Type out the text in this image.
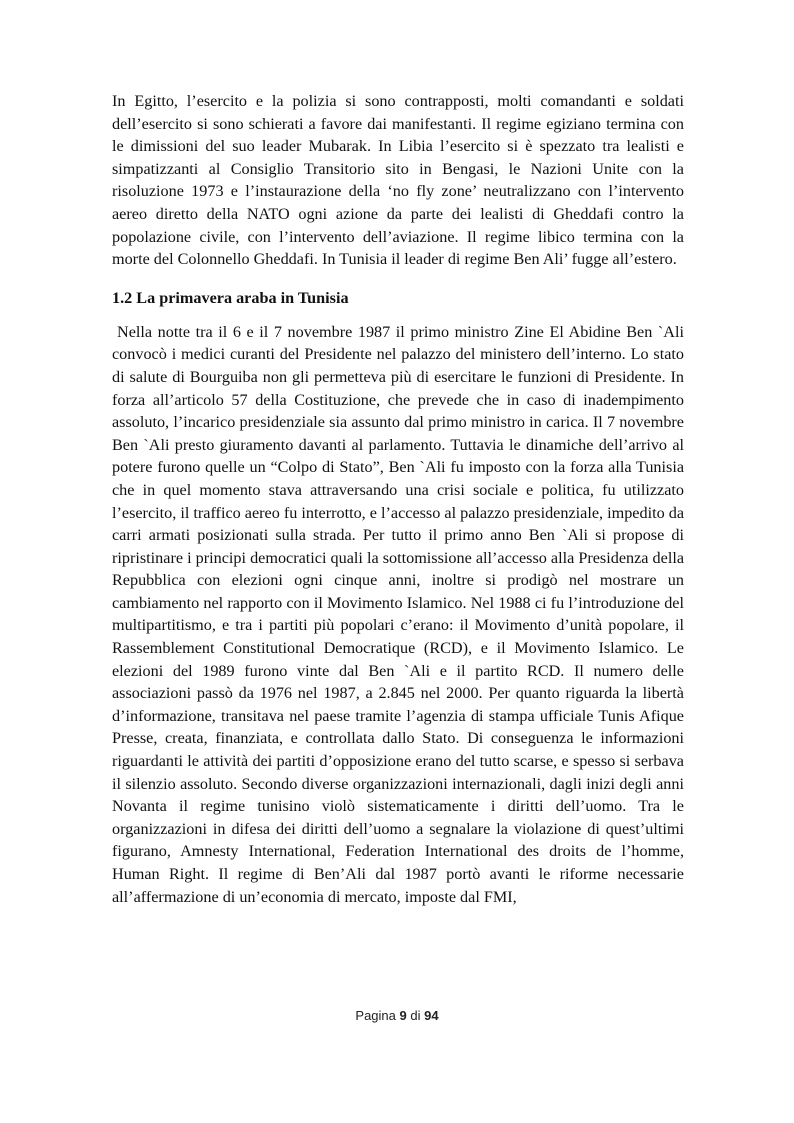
In Egitto, l’esercito e la polizia si sono contrapposti, molti comandanti e soldati dell’esercito si sono schierati a favore dai manifestanti. Il regime egiziano termina con le dimissioni del suo leader Mubarak. In Libia l’esercito si è spezzato tra lealisti e simpatizzanti al Consiglio Transitorio sito in Bengasi, le Nazioni Unite con la risoluzione 1973 e l’instaurazione della ‘no fly zone’ neutralizzano con l’intervento aereo diretto della NATO ogni azione da parte dei lealisti di Gheddafi contro la popolazione civile, con l’intervento dell’aviazione. Il regime libico termina con la morte del Colonnello Gheddafi. In Tunisia il leader di regime Ben Ali’ fugge all’estero.

1.2 La primavera araba in Tunisia

Nella notte tra il 6 e il 7 novembre 1987 il primo ministro Zine El Abidine Ben `Ali convocò i medici curanti del Presidente nel palazzo del ministero dell’interno. Lo stato di salute di Bourguiba non gli permetteva più di esercitare le funzioni di Presidente. In forza all’articolo 57 della Costituzione, che prevede che in caso di inadempimento assoluto, l’incarico presidenziale sia assunto dal primo ministro in carica. Il 7 novembre Ben `Ali presto giuramento davanti al parlamento. Tuttavia le dinamiche dell’arrivo al potere furono quelle un “Colpo di Stato”, Ben `Ali fu imposto con la forza alla Tunisia che in quel momento stava attraversando una crisi sociale e politica, fu utilizzato l’esercito, il traffico aereo fu interrotto, e l’accesso al palazzo presidenziale, impedito da carri armati posizionati sulla strada. Per tutto il primo anno Ben `Ali si propose di ripristinare i principi democratici quali la sottomissione all’accesso alla Presidenza della Repubblica con elezioni ogni cinque anni, inoltre si prodigò nel mostrare un cambiamento nel rapporto con il Movimento Islamico. Nel 1988 ci fu l’introduzione del multipartitismo, e tra i partiti più popolari c’erano: il Movimento d’unità popolare, il Rassemblement Constitutional Democratique (RCD), e il Movimento Islamico. Le elezioni del 1989 furono vinte dal Ben `Ali e il partito RCD. Il numero delle associazioni passò da 1976 nel 1987, a 2.845 nel 2000. Per quanto riguarda la libertà d’informazione, transitava nel paese tramite l’agenzia di stampa ufficiale Tunis Afique Presse, creata, finanziata, e controllata dallo Stato. Di conseguenza le informazioni riguardanti le attività dei partiti d’opposizione erano del tutto scarse, e spesso si serbava il silenzio assoluto. Secondo diverse organizzazioni internazionali, dagli inizi degli anni Novanta il regime tunisino violò sistematicamente i diritti dell’uomo. Tra le organizzazioni in difesa dei diritti dell’uomo a segnalare la violazione di quest’ultimi figurano, Amnesty International, Federation International des droits de l’homme, Human Right. Il regime di Ben’Ali dal 1987 portò avanti le riforme necessarie all’affermazione di un’economia di mercato, imposte dal FMI,

Pagina 9 di 94
